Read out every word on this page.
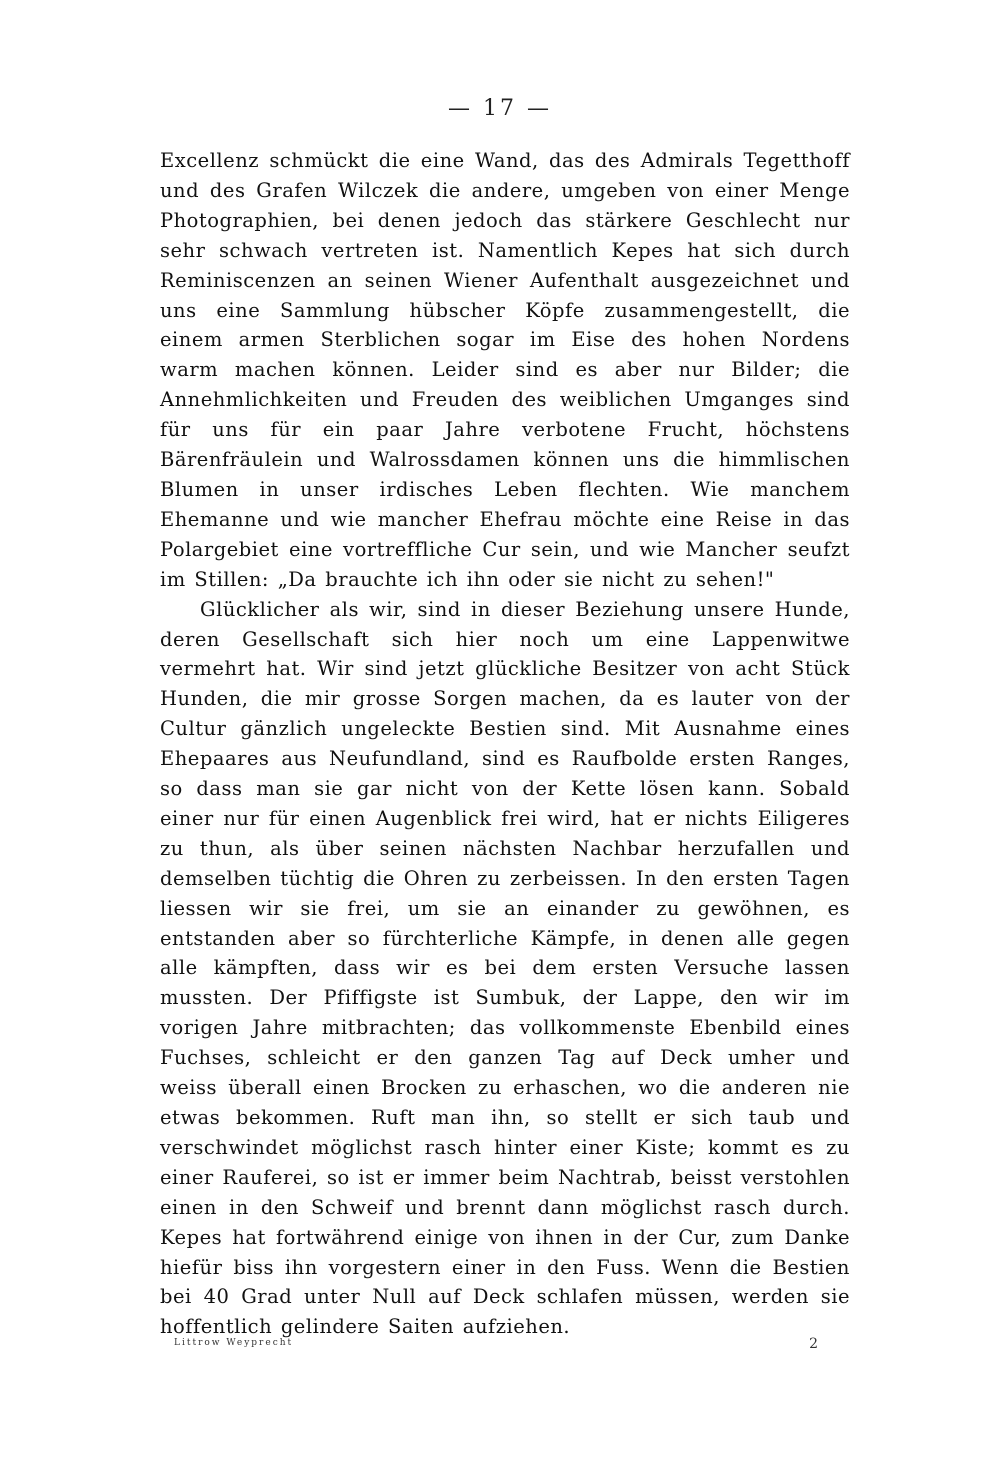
— 17 —

Excellenz schmückt die eine Wand, das des Admirals Tegetthoff und des Grafen Wilczek die andere, umgeben von einer Menge Photographien, bei denen jedoch das stärkere Geschlecht nur sehr schwach vertreten ist. Namentlich Kepes hat sich durch Reminiscenzen an seinen Wiener Aufenthalt ausgezeichnet und uns eine Sammlung hübscher Köpfe zusammengestellt, die einem armen Sterblichen sogar im Eise des hohen Nordens warm machen können. Leider sind es aber nur Bilder; die Annehmlichkeiten und Freuden des weiblichen Umganges sind für uns für ein paar Jahre verbotene Frucht, höchstens Bärenfräulein und Walrossdamen können uns die himmlischen Blumen in unser irdisches Leben flechten. Wie manchem Ehemanne und wie mancher Ehefrau möchte eine Reise in das Polargebiet eine vortreffliche Cur sein, und wie Mancher seufzt im Stillen: „Da brauchte ich ihn oder sie nicht zu sehen!"

Glücklicher als wir, sind in dieser Beziehung unsere Hunde, deren Gesellschaft sich hier noch um eine Lappenwitwe vermehrt hat. Wir sind jetzt glückliche Besitzer von acht Stück Hunden, die mir grosse Sorgen machen, da es lauter von der Cultur gänzlich ungeleckte Bestien sind. Mit Ausnahme eines Ehepaares aus Neufundland, sind es Raufbolde ersten Ranges, so dass man sie gar nicht von der Kette lösen kann. Sobald einer nur für einen Augenblick frei wird, hat er nichts Eiligeres zu thun, als über seinen nächsten Nachbar herzufallen und demselben tüchtig die Ohren zu zerbeissen. In den ersten Tagen liessen wir sie frei, um sie an einander zu gewöhnen, es entstanden aber so fürchterliche Kämpfe, in denen alle gegen alle kämpften, dass wir es bei dem ersten Versuche lassen mussten. Der Pfiffigste ist Sumbuk, der Lappe, den wir im vorigen Jahre mitbrachten; das vollkommenste Ebenbild eines Fuchses, schleicht er den ganzen Tag auf Deck umher und weiss überall einen Brocken zu erhaschen, wo die anderen nie etwas bekommen. Ruft man ihn, so stellt er sich taub und verschwindet möglichst rasch hinter einer Kiste; kommt es zu einer Rauferei, so ist er immer beim Nachtrab, beisst verstohlen einen in den Schweif und brennt dann möglichst rasch durch. Kepes hat fortwährend einige von ihnen in der Cur, zum Danke hiefür biss ihn vorgestern einer in den Fuss. Wenn die Bestien bei 40 Grad unter Null auf Deck schlafen müssen, werden sie hoffentlich gelindere Saiten aufziehen.

Littrow Weyprecht	2
